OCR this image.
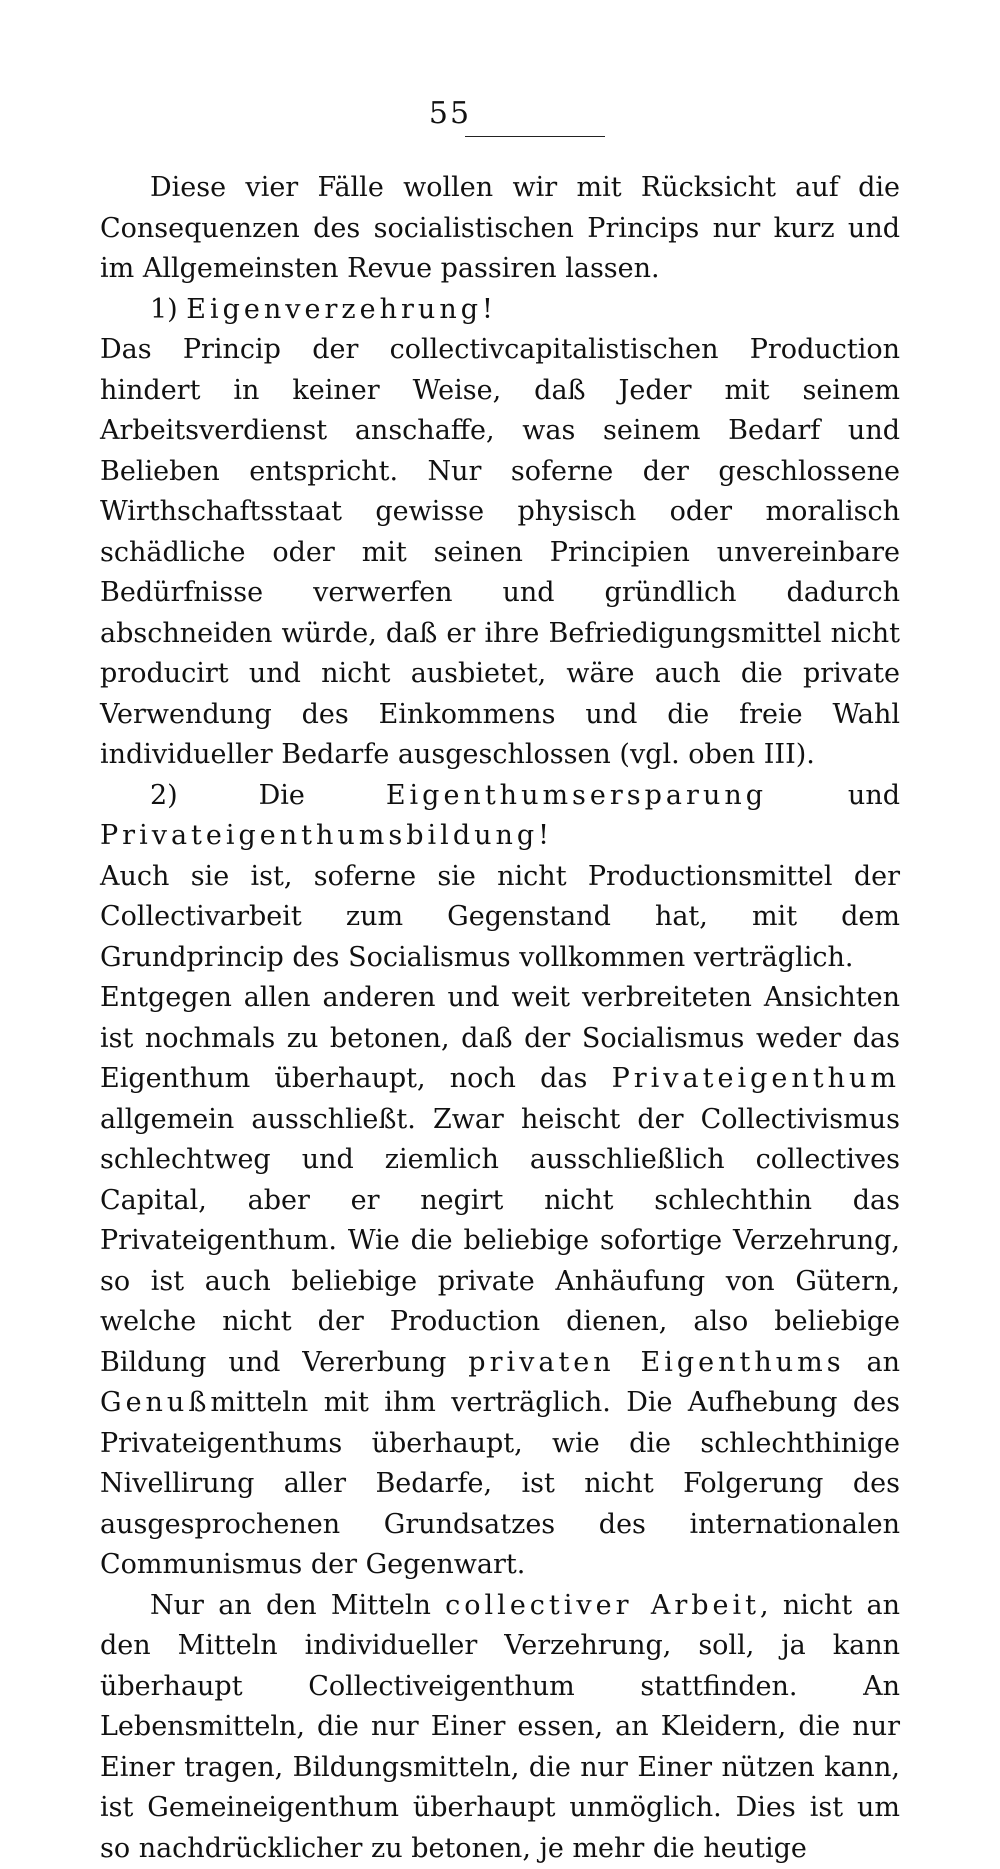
55

Diese vier Fälle wollen wir mit Rücksicht auf die Consequenzen des socialistischen Princips nur kurz und im Allgemeinsten Revue passiren lassen.

1) Eigenverzehrung!

Das Princip der collectivcapitalistischen Production hindert in keiner Weise, daß Jeder mit seinem Arbeitsverdienst anschaffe, was seinem Bedarf und Belieben entspricht. Nur soferne der geschlossene Wirthschaftsstaat gewisse physisch oder moralisch schädliche oder mit seinen Principien unvereinbare Bedürfnisse verwerfen und gründlich dadurch abschneiden würde, daß er ihre Befriedigungsmittel nicht producirt und nicht ausbietet, wäre auch die private Verwendung des Einkommens und die freie Wahl individueller Bedarfe ausgeschlossen (vgl. oben III).

2) Die Eigenthumsersparung und Privateigenthumsbildung!

Auch sie ist, soferne sie nicht Productionsmittel der Collectivarbeit zum Gegenstand hat, mit dem Grundprincip des Socialismus vollkommen verträglich.

Entgegen allen anderen und weit verbreiteten Ansichten ist nochmals zu betonen, daß der Socialismus weder das Eigenthum überhaupt, noch das Privateigenthum allgemein ausschließt. Zwar heischt der Collectivismus schlechtweg und ziemlich ausschließlich collectives Capital, aber er negirt nicht schlechthin das Privateigenthum. Wie die beliebige sofortige Verzehrung, so ist auch beliebige private Anhäufung von Gütern, welche nicht der Production dienen, also beliebige Bildung und Vererbung privaten Eigenthums an Genußmitteln mit ihm verträglich. Die Aufhebung des Privateigenthums überhaupt, wie die schlechthinige Nivellirung aller Bedarfe, ist nicht Folgerung des ausgesprochenen Grundsatzes des internationalen Communismus der Gegenwart.

Nur an den Mitteln collectiver Arbeit, nicht an den Mitteln individueller Verzehrung, soll, ja kann überhaupt Collectiveigenthum stattfinden. An Lebensmitteln, die nur Einer essen, an Kleidern, die nur Einer tragen, Bildungsmitteln, die nur Einer nützen kann, ist Gemeineigenthum überhaupt unmöglich. Dies ist um so nachdrücklicher zu betonen, je mehr die heutige
